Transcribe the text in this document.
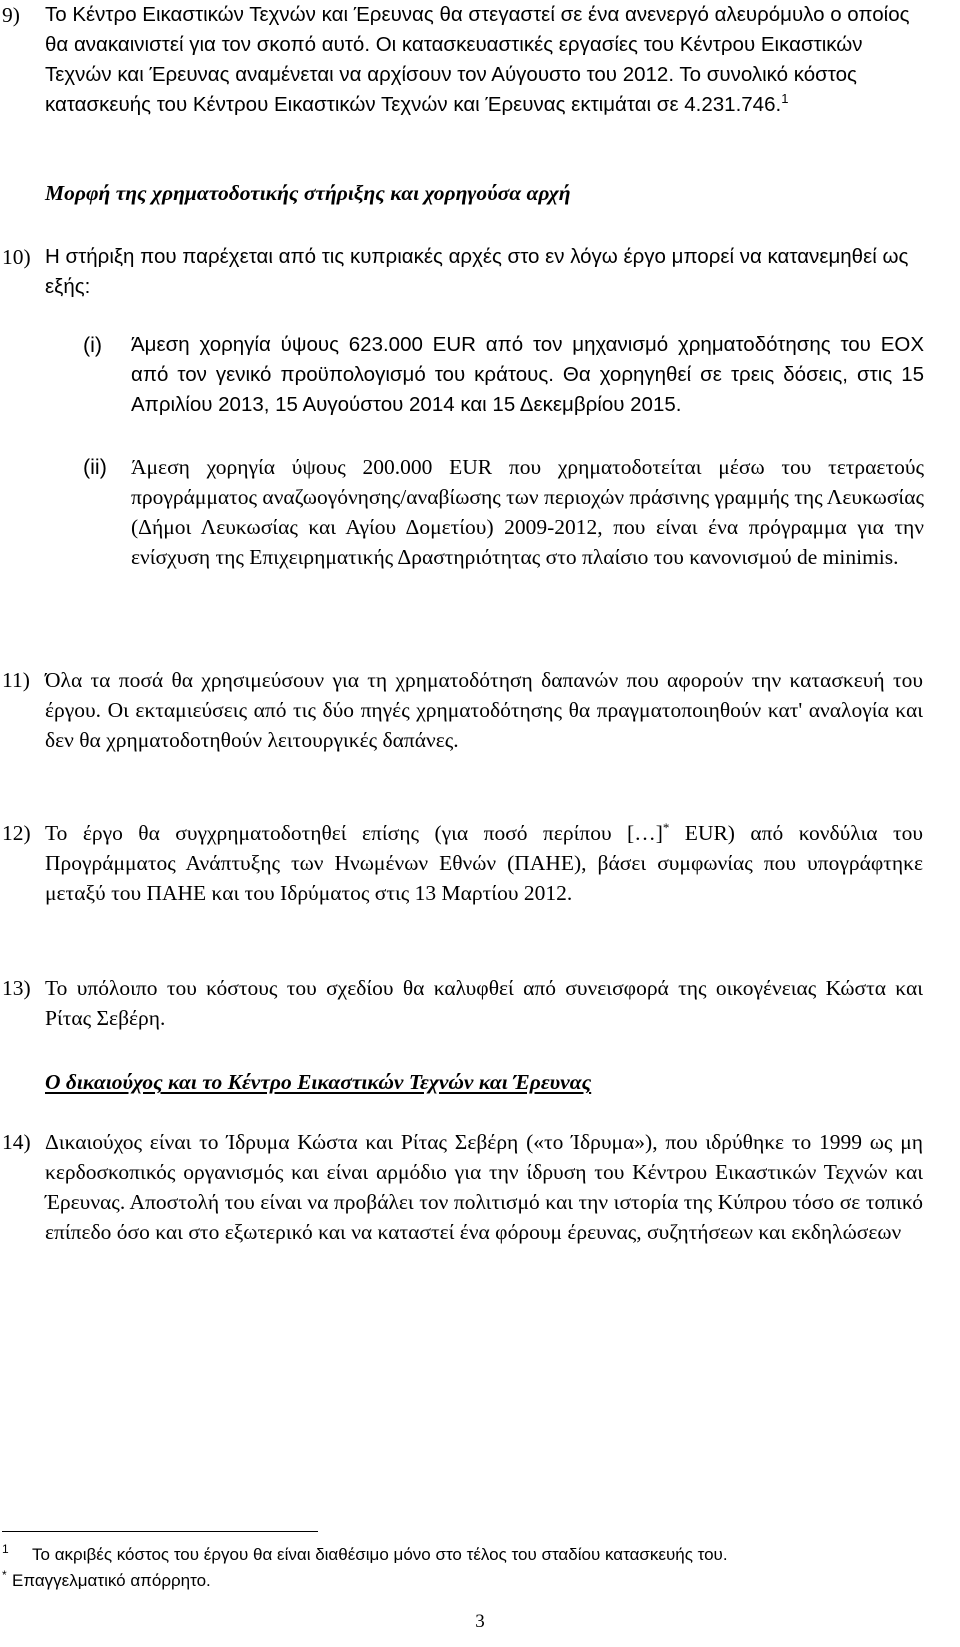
9) Το Κέντρο Εικαστικών Τεχνών και Έρευνας θα στεγαστεί σε ένα ανενεργό αλευρόμυλο ο οποίος θα ανακαινιστεί για τον σκοπό αυτό. Οι κατασκευαστικές εργασίες του Κέντρου Εικαστικών Τεχνών και Έρευνας αναμένεται να αρχίσουν τον Αύγουστο του 2012. Το συνολικό κόστος κατασκευής του Κέντρου Εικαστικών Τεχνών και Έρευνας εκτιμάται σε 4.231.746.$^1$
Μορφή της χρηματοδοτικής στήριξης και χορηγούσα αρχή
10) Η στήριξη που παρέχεται από τις κυπριακές αρχές στο εν λόγω έργο μπορεί να κατανεμηθεί ως εξής:
(i) Άμεση χορηγία ύψους 623.000 EUR από τον μηχανισμό χρηματοδότησης του ΕΟΧ από τον γενικό προϋπολογισμό του κράτους. Θα χορηγηθεί σε τρεις δόσεις, στις 15 Απριλίου 2013, 15 Αυγούστου 2014 και 15 Δεκεμβρίου 2015.
(ii) Άμεση χορηγία ύψους 200.000 EUR που χρηματοδοτείται μέσω του τετραετούς προγράμματος αναζωογόνησης/αναβίωσης των περιοχών πράσινης γραμμής της Λευκωσίας (Δήμοι Λευκωσίας και Αγίου Δομετίου) 2009-2012, που είναι ένα πρόγραμμα για την ενίσχυση της Επιχειρηματικής Δραστηριότητας στο πλαίσιο του κανονισμού de minimis.
11) Όλα τα ποσά θα χρησιμεύσουν για τη χρηματοδότηση δαπανών που αφορούν την κατασκευή του έργου. Οι εκταμιεύσεις από τις δύο πηγές χρηματοδότησης θα πραγματοποιηθούν κατ' αναλογία και δεν θα χρηματοδοτηθούν λειτουργικές δαπάνες.
12) Το έργο θα συγχρηματοδοτηθεί επίσης (για ποσό περίπου […]* EUR) από κονδύλια του Προγράμματος Ανάπτυξης των Ηνωμένων Εθνών (ΠΑΗΕ), βάσει συμφωνίας που υπογράφτηκε μεταξύ του ΠΑΗΕ και του Ιδρύματος στις 13 Μαρτίου 2012.
13) Το υπόλοιπο του κόστους του σχεδίου θα καλυφθεί από συνεισφορά της οικογένειας Κώστα και Ρίτας Σεβέρη.
Ο δικαιούχος και το Κέντρο Εικαστικών Τεχνών και Έρευνας
14) Δικαιούχος είναι το Ίδρυμα Κώστα και Ρίτας Σεβέρη («το Ίδρυμα»), που ιδρύθηκε το 1999 ως μη κερδοσκοπικός οργανισμός και είναι αρμόδιο για την ίδρυση του Κέντρου Εικαστικών Τεχνών και Έρευνας. Αποστολή του είναι να προβάλει τον πολιτισμό και την ιστορία της Κύπρου τόσο σε τοπικό επίπεδο όσο και στο εξωτερικό και να καταστεί ένα φόρουμ έρευνας, συζητήσεων και εκδηλώσεων
1 Το ακριβές κόστος του έργου θα είναι διαθέσιμο μόνο στο τέλος του σταδίου κατασκευής του.
* Επαγγελματικό απόρρητο.
3
